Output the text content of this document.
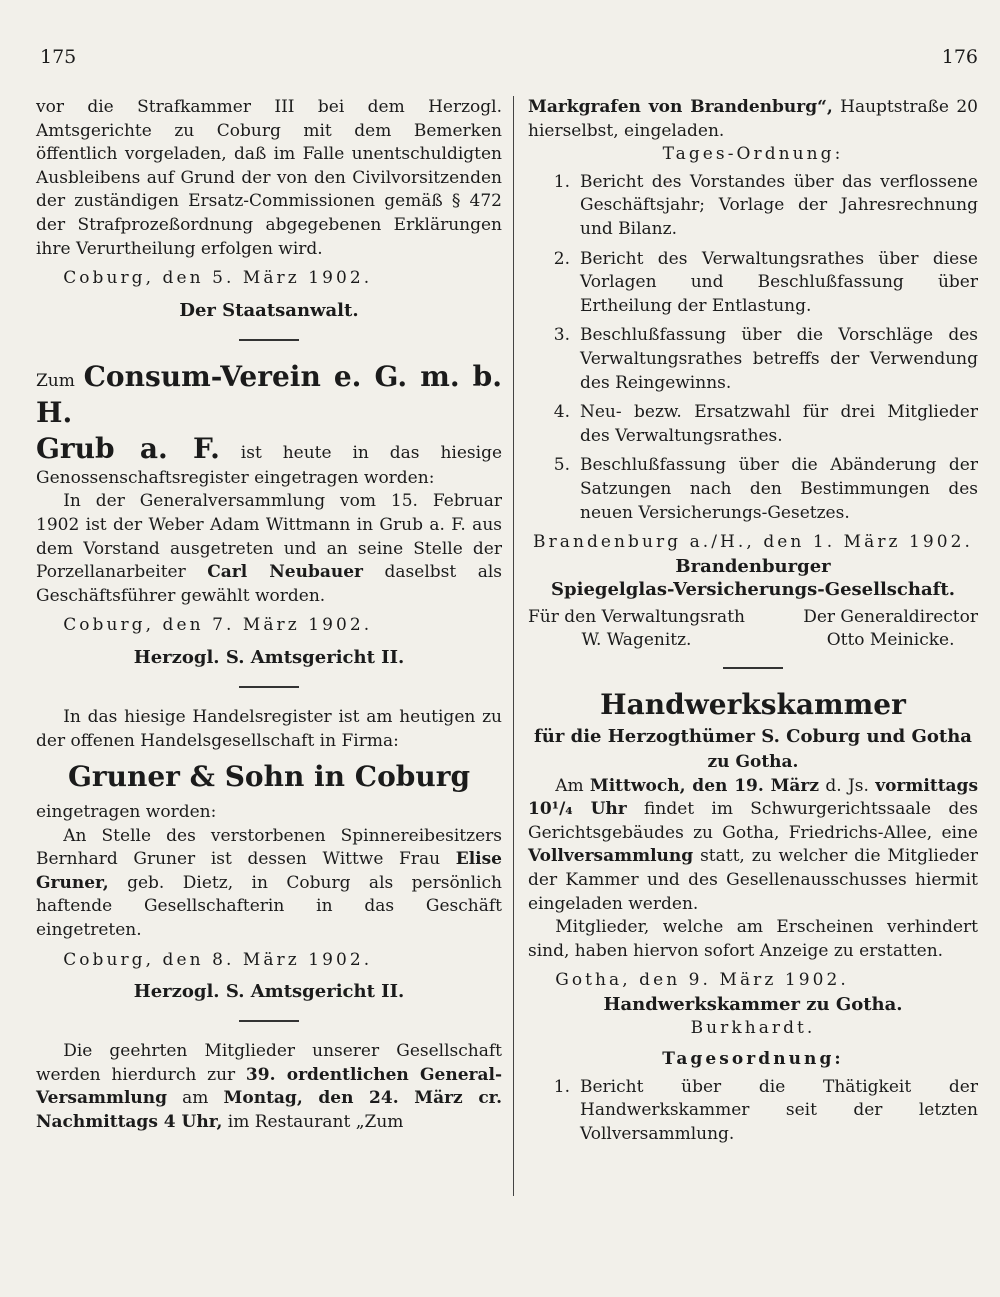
175	176

vor die Strafkammer III bei dem Herzogl. Amtsgerichte zu Coburg mit dem Bemerken öffentlich vorgeladen, daß im Falle unentschuldigten Ausbleibens auf Grund der von den Civilvorsitzenden der zuständigen Ersatz-Commissionen gemäß § 472 der Strafprozeßordnung abgegebenen Erklärungen ihre Verurtheilung erfolgen wird.

Coburg, den 5. März 1902.

Der Staatsanwalt.

Zum Consum-Verein e. G. m. b. H.
Grub a. F. ist heute in das hiesige Genossenschaftsregister eingetragen worden:

In der Generalversammlung vom 15. Februar 1902 ist der Weber Adam Wittmann in Grub a. F. aus dem Vorstand ausgetreten und an seine Stelle der Porzellanarbeiter Carl Neubauer daselbst als Geschäftsführer gewählt worden.

Coburg, den 7. März 1902.

Herzogl. S. Amtsgericht II.

In das hiesige Handelsregister ist am heutigen zu der offenen Handelsgesellschaft in Firma:

Gruner & Sohn in Coburg

eingetragen worden:

An Stelle des verstorbenen Spinnereibesitzers Bernhard Gruner ist dessen Wittwe Frau Elise Gruner, geb. Dietz, in Coburg als persönlich haftende Gesellschafterin in das Geschäft eingetreten.

Coburg, den 8. März 1902.

Herzogl. S. Amtsgericht II.

Die geehrten Mitglieder unserer Gesellschaft werden hierdurch zur 39. ordentlichen General-Versammlung am Montag, den 24. März cr. Nachmittags 4 Uhr, im Restaurant „Zum

Markgrafen von Brandenburg“, Hauptstraße 20 hierselbst, eingeladen.

Tages-Ordnung:

1. Bericht des Vorstandes über das verflossene Geschäftsjahr; Vorlage der Jahresrechnung und Bilanz.
2. Bericht des Verwaltungsrathes über diese Vorlagen und Beschlußfassung über Ertheilung der Entlastung.
3. Beschlußfassung über die Vorschläge des Verwaltungsrathes betreffs der Verwendung des Reingewinns.
4. Neu- bezw. Ersatzwahl für drei Mitglieder des Verwaltungsrathes.
5. Beschlußfassung über die Abänderung der Satzungen nach den Bestimmungen des neuen Versicherungs-Gesetzes.

Brandenburg a./H., den 1. März 1902.

Brandenburger

Spiegelglas-Versicherungs-Gesellschaft.

Für den Verwaltungsrath
W. Wagenitz.
Der Generaldirector
Otto Meinicke.

Handwerkskammer

für die Herzogthümer S. Coburg und Gotha

zu Gotha.

Am Mittwoch, den 19. März d. Js. vormittags 10¹/₄ Uhr findet im Schwurgerichtssaale des Gerichtsgebäudes zu Gotha, Friedrichs-Allee, eine Vollversammlung statt, zu welcher die Mitglieder der Kammer und des Gesellenausschusses hiermit eingeladen werden.

Mitglieder, welche am Erscheinen verhindert sind, haben hiervon sofort Anzeige zu erstatten.

Gotha, den 9. März 1902.

Handwerkskammer zu Gotha.

Burkhardt.

Tagesordnung:

1. Bericht über die Thätigkeit der Handwerkskammer seit der letzten Vollversammlung.
